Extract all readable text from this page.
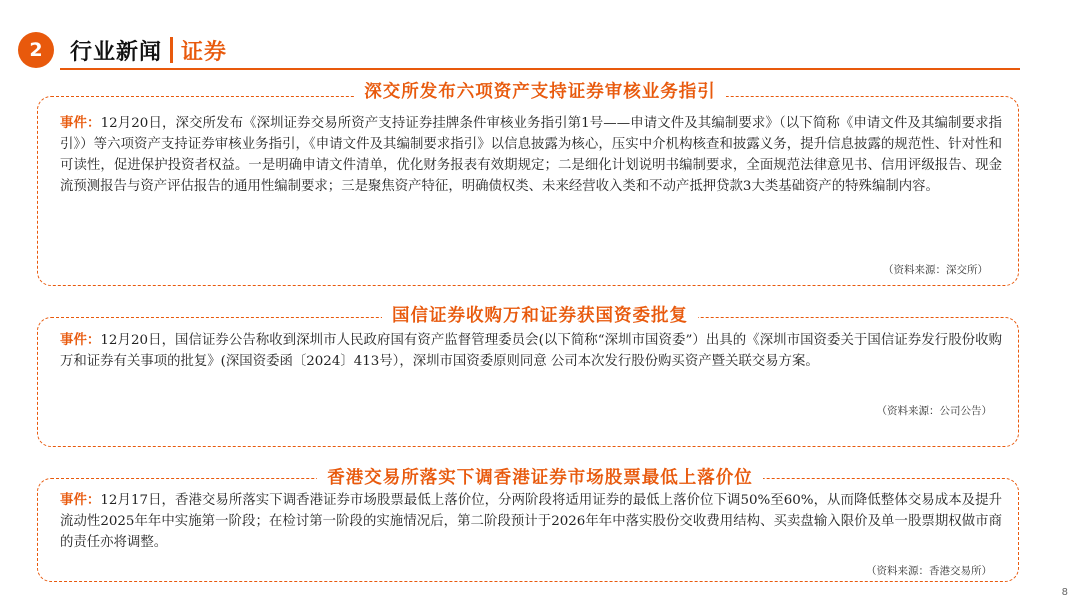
2	行业新闻 证券
深交所发布六项资产支持证券审核业务指引
事件：12月20日，深交所发布《深圳证券交易所资产支持证券挂牌条件审核业务指引第1号——申请文件及其编制要求》（以下简称《申请文件及其编制要求指引》）等六项资产支持证券审核业务指引，《申请文件及其编制要求指引》以信息披露为核心，压实中介机构核查和披露义务，提升信息披露的规范性、针对性和可读性，促进保护投资者权益。一是明确申请文件清单，优化财务报表有效期规定；二是细化计划说明书编制要求，全面规范法律意见书、信用评级报告、现金流预测报告与资产评估报告的通用性编制要求；三是聚焦资产特征，明确债权类、未来经营收入类和不动产抵押贷款3大类基础资产的特殊编制内容。
（资料来源：深交所）
国信证券收购万和证券获国资委批复
事件：12月20日，国信证券公告称收到深圳市人民政府国有资产监督管理委员会(以下简称“深圳市国资委”）出具的《深圳市国资委关于国信证券发行股份收购万和证券有关事项的批复》(深国资委函〔2024〕413号），深圳市国资委原则同意 公司本次发行股份购买资产暨关联交易方案。
（资料来源：公司公告）
香港交易所落实下调香港证券市场股票最低上落价位
事件：12月17日，香港交易所落实下调香港证券市场股票最低上落价位，分两阶段将适用证券的最低上落价位下调50%至60%，从而降低整体交易成本及提升流动性2025年年中实施第一阶段；在检讨第一阶段的实施情况后，第二阶段预计于2026年年中落实股份交收费用结构、买卖盘输入限价及单一股票期权做市商的责任亦将调整。
（资料来源：香港交易所）
8
